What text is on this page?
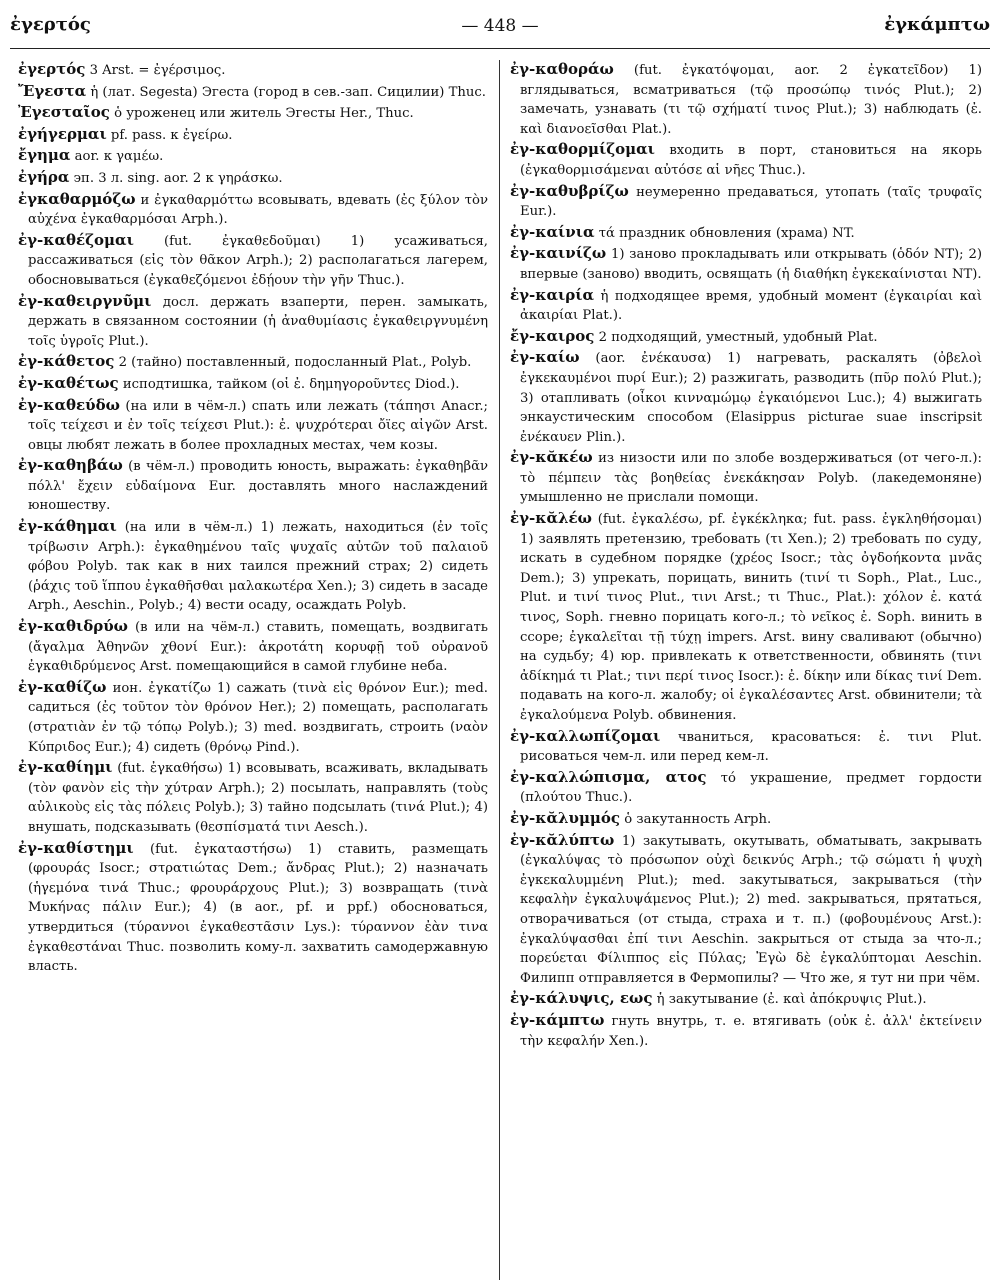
ἐγερτός	— 448 —	ἐγκάμπτω

ἐγερτός 3 Arst. = ἐγέρσιμος.

Ἔγεστα ἡ (лат. Segesta) Эгеста (город в сев.-зап. Сицилии) Thuc.

Ἐγεσταῖος ὁ уроженец или житель Эгесты Her., Thuc.

ἐγήγερμαι pf. pass. к ἐγείρω.

ἔγημα aor. к γαμέω.

ἐγήρα эп. 3 л. sing. aor. 2 к γηράσκω.

ἐγκαθαρμόζω и ἐγκαθαρμόττω всовывать, вдевать (ἐς ξύλον τὸν αὐχένα ἐγκαθαρμόσαι Arph.).

ἐγ-καθέζομαι (fut. ἐγκαθεδοῦμαι) 1) усаживаться, рассаживаться (εἰς τὸν θᾶκον Arph.); 2) располагаться лагерем, обосновываться (ἐγκαθεζόμενοι ἐδῄουν τὴν γῆν Thuc.).

ἐγ-καθειργνῦμι досл. держать взаперти, перен. замыкать, держать в связанном состоянии (ἡ ἀναθυμίασις ἐγκαθειργνυμένη τοῖς ὑγροῖς Plut.).

ἐγ-κάθετος 2 (тайно) поставленный, подосланный Plat., Polyb.

ἐγ-καθέτως исподтишка, тайком (οἱ ἐ. δημηγοροῦντες Diod.).

ἐγ-καθεύδω (на или в чём-л.) спать или лежать (τάπησι Anacr.; τοῖς τείχεσι и ἐν τοῖς τείχεσι Plut.): ἐ. ψυχρότεραι ὄϊες αἰγῶν Arst. овцы любят лежать в более прохладных местах, чем козы.

ἐγ-καθηβάω (в чём-л.) проводить юность, выражать: ἐγκαθηβᾶν πόλλ' ἔχειν εὐδαίμονα Eur. доставлять много наслаждений юношеству.

ἐγ-κάθημαι (на или в чём-л.) 1) лежать, находиться (ἐν τοῖς τρίβωσιν Arph.): ἐγκαθημένου ταῖς ψυχαῖς αὐτῶν τοῦ παλαιοῦ φόβου Polyb. так как в них таился прежний страх; 2) сидеть (ῥάχις τοῦ ἵππου ἐγκαθῆσθαι μαλακωτέρα Xen.); 3) сидеть в засаде Arph., Aeschin., Polyb.; 4) вести осаду, осаждать Polyb.

ἐγ-καθιδρύω (в или на чём-л.) ставить, помещать, воздвигать (ἄγαλμα Ἀθηνῶν χθονί Eur.): ἀκροτάτη κορυφῇ τοῦ οὐρανοῦ ἐγκαθιδρύμενος Arst. помещающийся в самой глубине неба.

ἐγ-καθίζω ион. ἐγκατίζω 1) сажать (τινὰ εἰς θρόνον Eur.); med. садиться (ἐς τοῦτον τὸν θρόνον Her.); 2) помещать, располагать (στρατιὰν ἐν τῷ τόπῳ Polyb.); 3) med. воздвигать, строить (ναὸν Κύπριδος Eur.); 4) сидеть (θρόνῳ Pind.).

ἐγ-καθίημι (fut. ἐγκαθήσω) 1) всовывать, всаживать, вкладывать (τὸν φανὸν εἰς τὴν χύτραν Arph.); 2) посылать, направлять (τοὺς αὐλικοὺς εἰς τὰς πόλεις Polyb.); 3) тайно подсылать (τινά Plut.); 4) внушать, подсказывать (θεσπίσματά τινι Aesch.).

ἐγ-καθίστημι (fut. ἐγκαταστήσω) 1) ставить, размещать (φρουράς Isocr.; στρατιώτας Dem.; ἄνδρας Plut.); 2) назначать (ἡγεμόνα τινά Thuc.; φρουράρχους Plut.); 3) возвращать (τινὰ Μυκήνας πάλιν Eur.); 4) (в aor., pf. и ppf.) обосноваться, утвердиться (τύραννοι ἐγκαθεστᾶσιν Lys.): τύραννον ἐὰν τινα ἐγκαθεστάναι Thuc. позволить кому-л. захватить самодержавную власть.

ἐγ-καθοράω (fut. ἐγκατόψομαι, aor. 2 ἐγκατεῖδον) 1) вглядываться, всматриваться (τῷ προσώπῳ τινός Plut.); 2) замечать, узнавать (τι τῷ σχήματί τινος Plut.); 3) наблюдать (ἐ. καὶ διανοεῖσθαι Plat.).

ἐγ-καθορμίζομαι входить в порт, становиться на якорь (ἐγκαθορμισάμεναι αὐτόσε αἱ νῆες Thuc.).

ἐγ-καθυβρίζω неумеренно предаваться, утопать (ταῖς τρυφαῖς Eur.).

ἐγ-καίνια τά праздник обновления (храма) NT.

ἐγ-καινίζω 1) заново прокладывать или открывать (ὁδόν NT); 2) впервые (заново) вводить, освящать (ἡ διαθήκη ἐγκεκαίνισται NT).

ἐγ-καιρία ἡ подходящее время, удобный момент (ἐγκαιρίαι καὶ ἀκαιρίαι Plat.).

ἔγ-καιρος 2 подходящий, уместный, удобный Plat.

ἐγ-καίω (aor. ἐνέκαυσα) 1) нагревать, раскалять (ὀβελοὶ ἐγκεκαυμένοι πυρί Eur.); 2) разжигать, разводить (πῦρ πολύ Plut.); 3) отапливать (οἶκοι κινναμώμῳ ἐγκαιόμενοι Luc.); 4) выжигать энкаустическим способом (Elasippus picturae suae inscripsit ἐνέκαυεν Plin.).

ἐγ-κᾰκέω из низости или по злобе воздерживаться (от чего-л.): τὸ πέμπειν τὰς βοηθείας ἐνεκάκησαν Polyb. (лакедемоняне) умышленно не прислали помощи.

ἐγ-κᾰλέω (fut. ἐγκαλέσω, pf. ἐγκέκληκα; fut. pass. ἐγκληθήσομαι) 1) заявлять претензию, требовать (τι Xen.); 2) требовать по суду, искать в судебном порядке (χρέος Isocr.; τὰς ὀγδοήκοντα μνᾶς Dem.); 3) упрекать, порицать, винить (τινί τι Soph., Plat., Luc., Plut. и τινί τινος Plut., τινι Arst.; τι Thuc., Plat.): χόλον ἐ. κατά τινος, Soph. гневно порицать кого-л.; τὸ νεῖκος ἐ. Soph. винить в ссоре; ἐγκαλεῖται τῇ τύχῃ impers. Arst. вину сваливают (обычно) на судьбу; 4) юр. привлекать к ответственности, обвинять (τινι ἀδίκημά τι Plat.; τινι περί τινος Isocr.): ἐ. δίκην или δίκας τινί Dem. подавать на кого-л. жалобу; οἱ ἐγκαλέσαντες Arst. обвинители; τὰ ἐγκαλούμενα Polyb. обвинения.

ἐγ-καλλωπίζομαι чваниться, красоваться: ἐ. τινι Plut. рисоваться чем-л. или перед кем-л.

ἐγ-καλλώπισμα, ατος τό украшение, предмет гордости (πλούτου Thuc.).

ἐγ-κᾰλυμμός ὁ закутанность Arph.

ἐγ-κᾰλύπτω 1) закутывать, окутывать, обматывать, закрывать (ἐγκαλύψας τὸ πρόσωπον οὐχὶ δεικνύς Arph.; τῷ σώματι ἡ ψυχὴ ἐγκεκαλυμμένη Plut.); med. закутываться, закрываться (τὴν κεφαλὴν ἐγκαλυψάμενος Plut.); 2) med. закрываться, прятаться, отворачиваться (от стыда, страха и т. п.) (φοβουμένους Arst.): ἐγκαλύψασθαι ἐπί τινι Aeschin. закрыться от стыда за что-л.; πορεύεται Φίλιππος εἰς Πύλας; Ἐγὼ δὲ ἐγκαλύπτομαι Aeschin. Филипп отправляется в Фермопилы? — Что же, я тут ни при чём.

ἐγ-κάλυψις, εως ἡ закутывание (ἐ. καὶ ἀπόκρυψις Plut.).

ἐγ-κάμπτω гнуть внутрь, т. е. втягивать (οὐκ ἐ. ἀλλ' ἐκτείνειν τὴν κεφαλήν Xen.).
